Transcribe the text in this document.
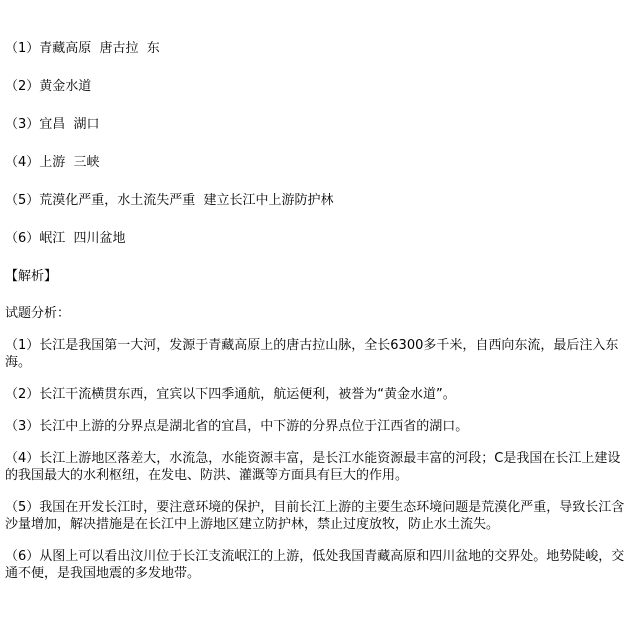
（1）青藏高原  唐古拉  东

（2）黄金水道

（3）宜昌  湖口

（4）上游  三峡

（5）荒漠化严重，水土流失严重  建立长江中上游防护林

（6）岷江  四川盆地

【解析】

试题分析：

（1）长江是我国第一大河，发源于青藏高原上的唐古拉山脉，全长6300多千米，自西向东流，最后注入东海。

（2）长江干流横贯东西，宜宾以下四季通航，航运便利，被誉为“黄金水道”。

（3）长江中上游的分界点是湖北省的宜昌，中下游的分界点位于江西省的湖口。

（4）长江上游地区落差大，水流急，水能资源丰富，是长江水能资源最丰富的河段；C是我国在长江上建设的我国最大的水利枢纽，在发电、防洪、灌溉等方面具有巨大的作用。

（5）我国在开发长江时，要注意环境的保护，目前长江上游的主要生态环境问题是荒漠化严重，导致长江含沙量增加，解决措施是在长江中上游地区建立防护林，禁止过度放牧，防止水土流失。

（6）从图上可以看出汶川位于长江支流岷江的上游，低处我国青藏高原和四川盆地的交界处。地势陡峻，交通不便，是我国地震的多发地带。
